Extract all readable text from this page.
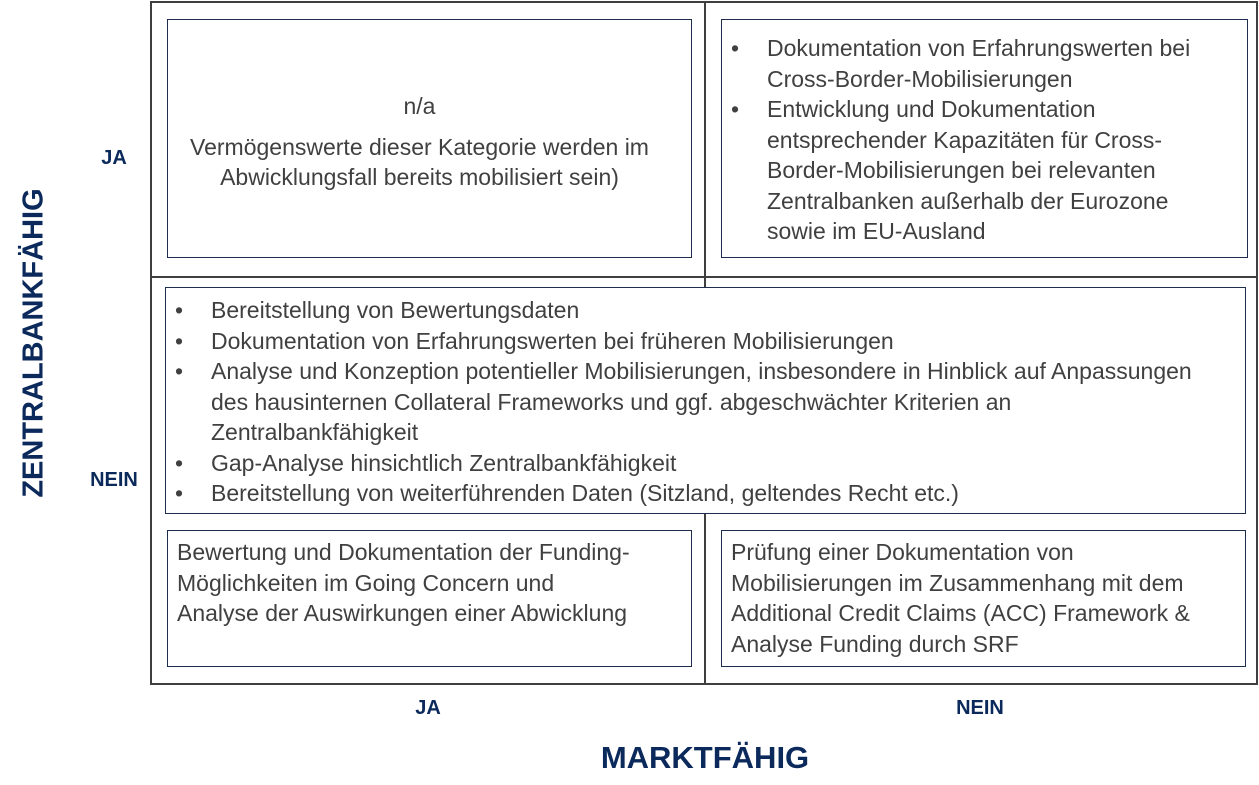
n/a
Vermögenswerte dieser Kategorie werden im Abwicklungsfall bereits mobilisiert sein)
• Dokumentation von Erfahrungswerten bei Cross-Border-Mobilisierungen
• Entwicklung und Dokumentation entsprechender Kapazitäten für Cross-Border-Mobilisierungen bei relevanten Zentralbanken außerhalb der Eurozone sowie im EU-Ausland
• Bereitstellung von Bewertungsdaten
• Dokumentation von Erfahrungswerten bei früheren Mobilisierungen
• Analyse und Konzeption potentieller Mobilisierungen, insbesondere in Hinblick auf Anpassungen des hausinternen Collateral Frameworks und ggf. abgeschwächter Kriterien an Zentralbankfähigkeit
• Gap-Analyse hinsichtlich Zentralbankfähigkeit
• Bereitstellung von weiterführenden Daten (Sitzland, geltendes Recht etc.)
Bewertung und Dokumentation der Funding-Möglichkeiten im Going Concern und Analyse der Auswirkungen einer Abwicklung
Prüfung einer Dokumentation von Mobilisierungen im Zusammenhang mit dem Additional Credit Claims (ACC) Framework & Analyse Funding durch SRF
ZENTRALBANKFÄHIG
JA
NEIN
JA	NEIN
MARKTFÄHIG
